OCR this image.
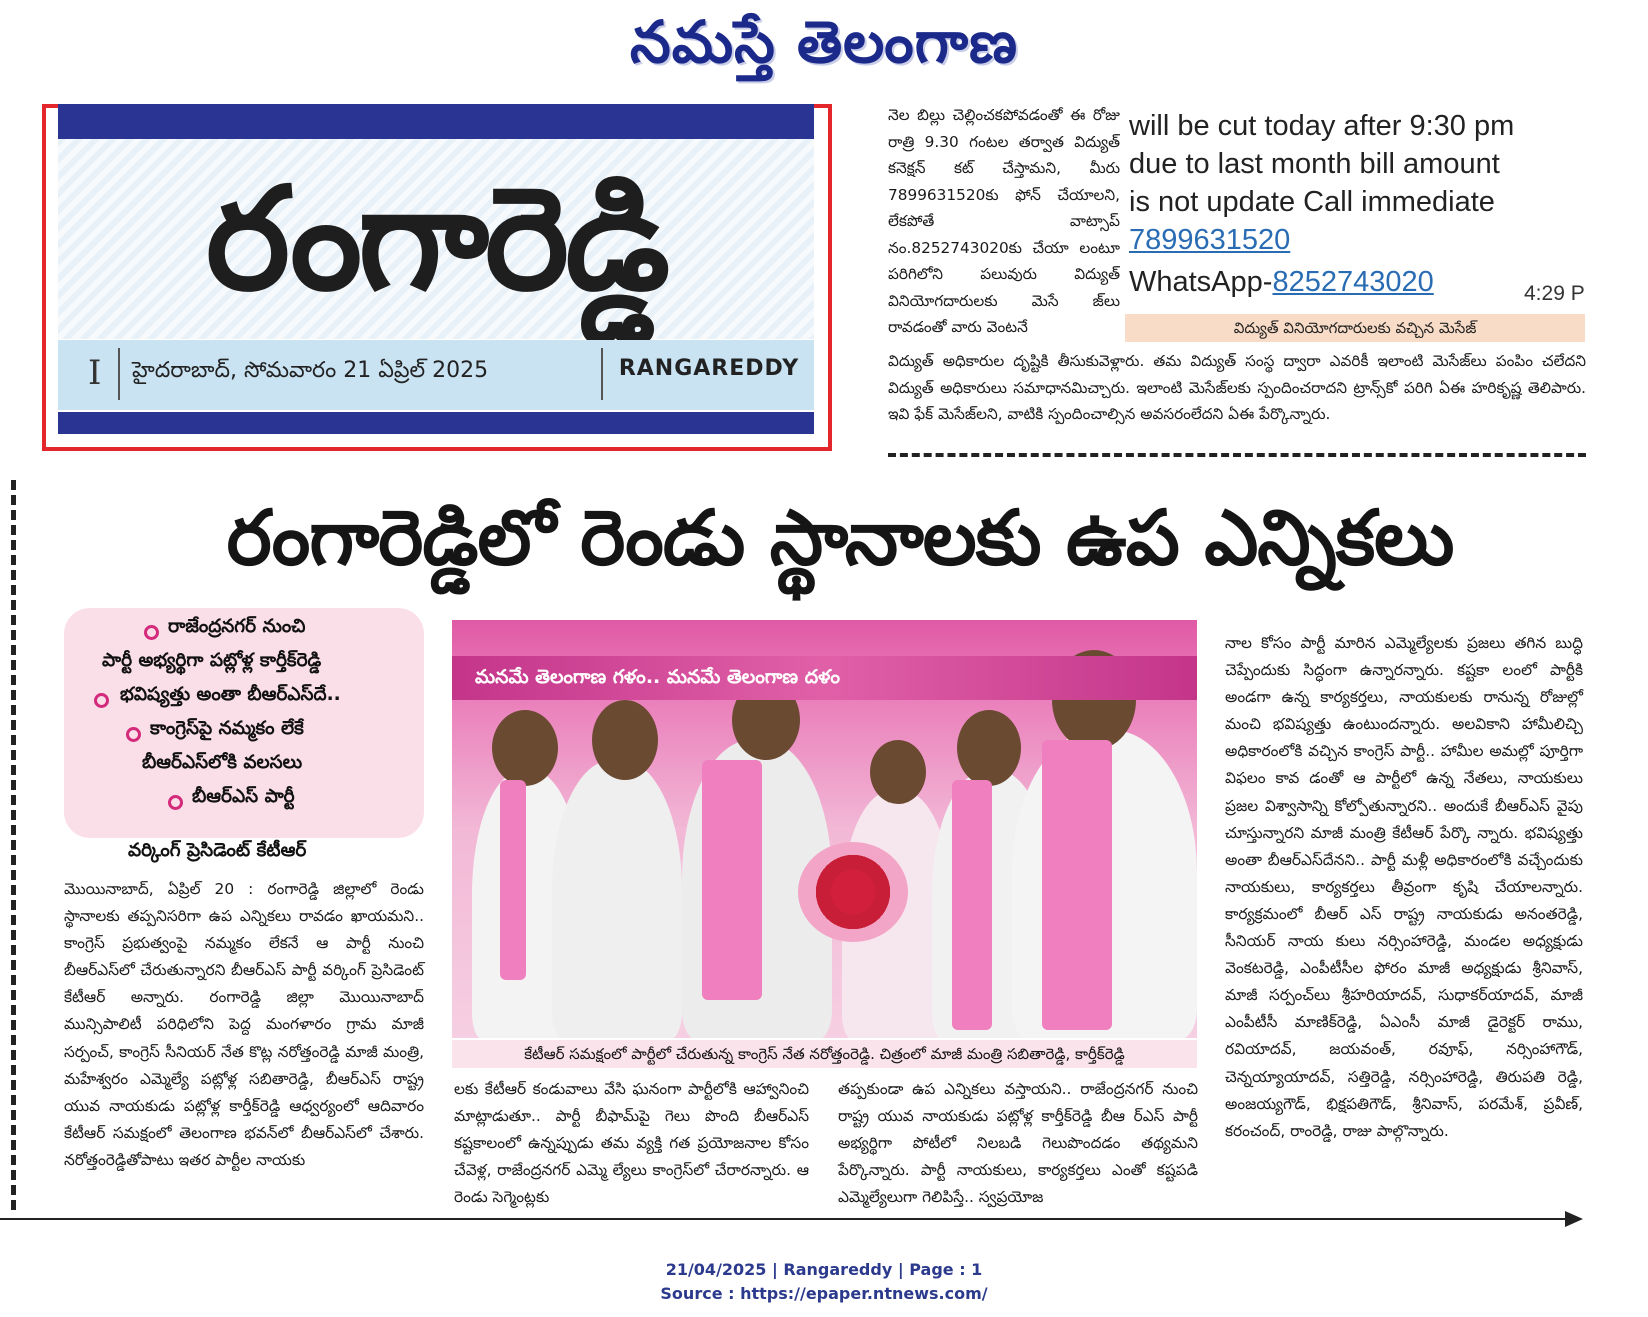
నమస్తే తెలంగాణ
రంగారెడ్డి
I హైదరాబాద్, సోమవారం 21 ఏప్రిల్ 2025	RANGAREDDY
నెల బిల్లు చెల్లించకపోవడంతో ఈ రోజు రాత్రి 9.30 గంటల తర్వాత విద్యుత్ కనెక్షన్ కట్ చేస్తామని, మీరు 7899631520కు ఫోన్ చేయాలని, లేకపోతే వాట్సాప్ నం.8252743020కు చేయా లంటూ పరిగిలోని పలువురు విద్యుత్ వినియోగదారులకు మెసే జ్‌లు రావడంతో వారు వెంటనే
will be cut today after 9:30 pm
due to last month bill amount
is not update Call immediate
7899631520
WhatsApp-8252743020	4:29 P
విద్యుత్ వినియోగదారులకు వచ్చిన మెసేజ్
విద్యుత్ అధికారుల దృష్టికి తీసుకువెళ్లారు. తమ విద్యుత్ సంస్థ ద్వారా ఎవరికీ ఇలాంటి మెసేజ్‌లు పంపిం చలేదని విద్యుత్ అధికారులు సమాధానమిచ్చారు. ఇలాంటి మెసేజ్‌లకు స్పందించరాదని ట్రాన్స్‌కో పరిగి ఏఈ హరికృష్ణ తెలిపారు. ఇవి ఫేక్ మెసేజ్‌లని, వాటికి స్పందించాల్సిన అవసరంలేదని ఏఈ పేర్కొన్నారు.
రంగారెడ్డిలో రెండు స్థానాలకు ఉప ఎన్నికలు
రాజేంద్రనగర్ నుంచి
పార్టీ అభ్యర్థిగా పట్లోళ్ల కార్తీక్‌రెడ్డి
భవిష్యత్తు అంతా బీఆర్‌ఎస్‌దే..
కాంగ్రెస్‌పై నమ్మకం లేకే
బీఆర్‌ఎస్‌లోకి వలసలు
బీఆర్‌ఎస్ పార్టీ
వర్కింగ్ ప్రెసిడెంట్ కేటీఆర్
మనమే తెలంగాణ గళం.. మనమే తెలంగాణ దళం
కేటీఆర్ సమక్షంలో పార్టీలో చేరుతున్న కాంగ్రెస్ నేత నరోత్తంరెడ్డి. చిత్రంలో మాజీ మంత్రి సబితారెడ్డి, కార్తీక్‌రెడ్డి
మొయినాబాద్, ఏప్రిల్ 20 : రంగారెడ్డి జిల్లాలో రెండు స్థానాలకు తప్పనిసరిగా ఉప ఎన్నికలు రావడం ఖాయమని.. కాంగ్రెస్ ప్రభుత్వంపై నమ్మకం లేకనే ఆ పార్టీ నుంచి బీఆర్‌ఎస్‌లో చేరుతున్నారని బీఆర్‌ఎస్ పార్టీ వర్కింగ్ ప్రెసిడెంట్ కేటీఆర్ అన్నారు. రంగారెడ్డి జిల్లా మొయినాబాద్ మున్సిపాలిటీ పరిధిలోని పెద్ద మంగళారం గ్రామ మాజీ సర్పంచ్, కాంగ్రెస్ సీనియర్ నేత కొట్ల నరోత్తంరెడ్డి మాజీ మంత్రి, మహేశ్వరం ఎమ్మెల్యే పట్లోళ్ల సబితారెడ్డి, బీఆర్‌ఎస్ రాష్ట్ర యువ నాయకుడు పట్లోళ్ల కార్తీక్‌రెడ్డి ఆధ్వర్యంలో ఆదివారం కేటీఆర్ సమక్షంలో తెలంగాణ భవన్‌లో బీఆర్‌ఎస్‌లో చేశారు. నరోత్తంరెడ్డితోపాటు ఇతర పార్టీల నాయకు
లకు కేటీఆర్ కండువాలు వేసి ఘనంగా పార్టీలోకి ఆహ్వానించి మాట్లాడుతూ.. పార్టీ బీఫామ్‌పై గెలు పొంది బీఆర్‌ఎస్ కష్టకాలంలో ఉన్నప్పుడు తమ వ్యక్తి గత ప్రయోజనాల కోసం చేవెళ్ల, రాజేంద్రనగర్ ఎమ్మె ల్యేలు కాంగ్రెస్‌లో చేరారన్నారు. ఆ రెండు సెగ్మెంట్లకు
తప్పకుండా ఉప ఎన్నికలు వస్తాయని.. రాజేంద్రనగర్ నుంచి రాష్ట్ర యువ నాయకుడు పట్లోళ్ల కార్తీక్‌రెడ్డి బీఆ ర్‌ఎస్ పార్టీ అభ్యర్థిగా పోటీలో నిలబడి గెలుపొందడం తథ్యమని పేర్కొన్నారు. పార్టీ నాయకులు, కార్యకర్తలు ఎంతో కష్టపడి ఎమ్మెల్యేలుగా గెలిపిస్తే.. స్వప్రయోజ
నాల కోసం పార్టీ మారిన ఎమ్మెల్యేలకు ప్రజలు తగిన బుద్ధి చెప్పేందుకు సిద్ధంగా ఉన్నారన్నారు. కష్టకా లంలో పార్టీకి అండగా ఉన్న కార్యకర్తలు, నాయకులకు రానున్న రోజుల్లో మంచి భవిష్యత్తు ఉంటుందన్నారు. అలవికాని హామీలిచ్చి అధికారంలోకి వచ్చిన కాంగ్రెస్ పార్టీ.. హామీల అమల్లో పూర్తిగా విఫలం కావ డంతో ఆ పార్టీలో ఉన్న నేతలు, నాయకులు ప్రజల విశ్వాసాన్ని కోల్పోతున్నారని.. అందుకే బీఆర్‌ఎస్ వైపు చూస్తున్నారని మాజీ మంత్రి కేటీఆర్ పేర్కొ న్నారు. భవిష్యత్తు అంతా బీఆర్‌ఎస్‌దేనని.. పార్టీ మళ్లీ అధికారంలోకి వచ్చేందుకు నాయకులు, కార్యకర్తలు తీవ్రంగా కృషి చేయాలన్నారు. కార్యక్రమంలో బీఆర్ ఎస్ రాష్ట్ర నాయకుడు అనంతరెడ్డి, సీనియర్ నాయ కులు నర్సింహారెడ్డి, మండల అధ్యక్షుడు వెంకటరెడ్డి, ఎంపీటీసీల ఫోరం మాజీ అధ్యక్షుడు శ్రీనివాస్, మాజీ సర్పంచ్‌లు శ్రీహరియాదవ్, సుధాకర్‌యాదవ్, మాజీ ఎంపీటీసీ మాణిక్‌రెడ్డి, ఏఎంసీ మాజీ డైరెక్టర్ రాము, రవియాదవ్, జయవంత్, రవూఫ్, నర్సింహాగౌడ్, చెన్నయ్యాయాదవ్, సత్తిరెడ్డి, నర్సింహారెడ్డి, తిరుపతి రెడ్డి, అంజయ్యగౌడ్, భిక్షపతిగౌడ్, శ్రీనివాస్, పరమేశ్, ప్రవీణ్, కరంచంద్, రాంరెడ్డి, రాజు పాల్గొన్నారు.
21/04/2025 | Rangareddy | Page : 1
Source : https://epaper.ntnews.com/
